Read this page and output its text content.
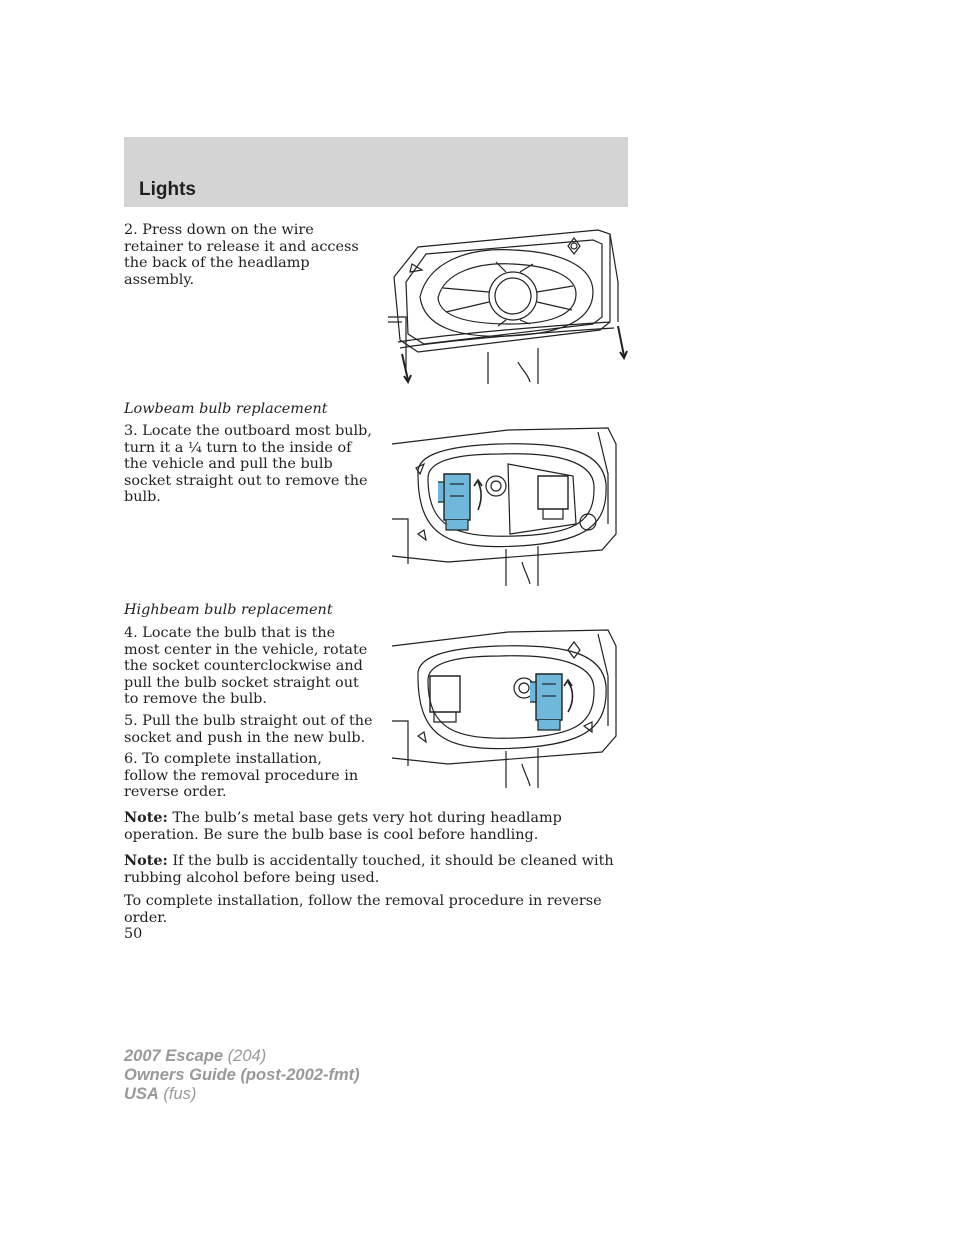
Lights

2. Press down on the wire retainer to release it and access the back of the headlamp assembly.

Lowbeam bulb replacement

3. Locate the outboard most bulb, turn it a ¼ turn to the inside of the vehicle and pull the bulb socket straight out to remove the bulb.

Highbeam bulb replacement

4. Locate the bulb that is the most center in the vehicle, rotate the socket counterclockwise and pull the bulb socket straight out to remove the bulb.

5. Pull the bulb straight out of the socket and push in the new bulb.

6. To complete installation, follow the removal procedure in reverse order.

Note: The bulb’s metal base gets very hot during headlamp operation. Be sure the bulb base is cool before handling.

Note: If the bulb is accidentally touched, it should be cleaned with rubbing alcohol before being used.

To complete installation, follow the removal procedure in reverse order.

50
2007 Escape (204)
Owners Guide (post-2002-fmt)
USA (fus)
